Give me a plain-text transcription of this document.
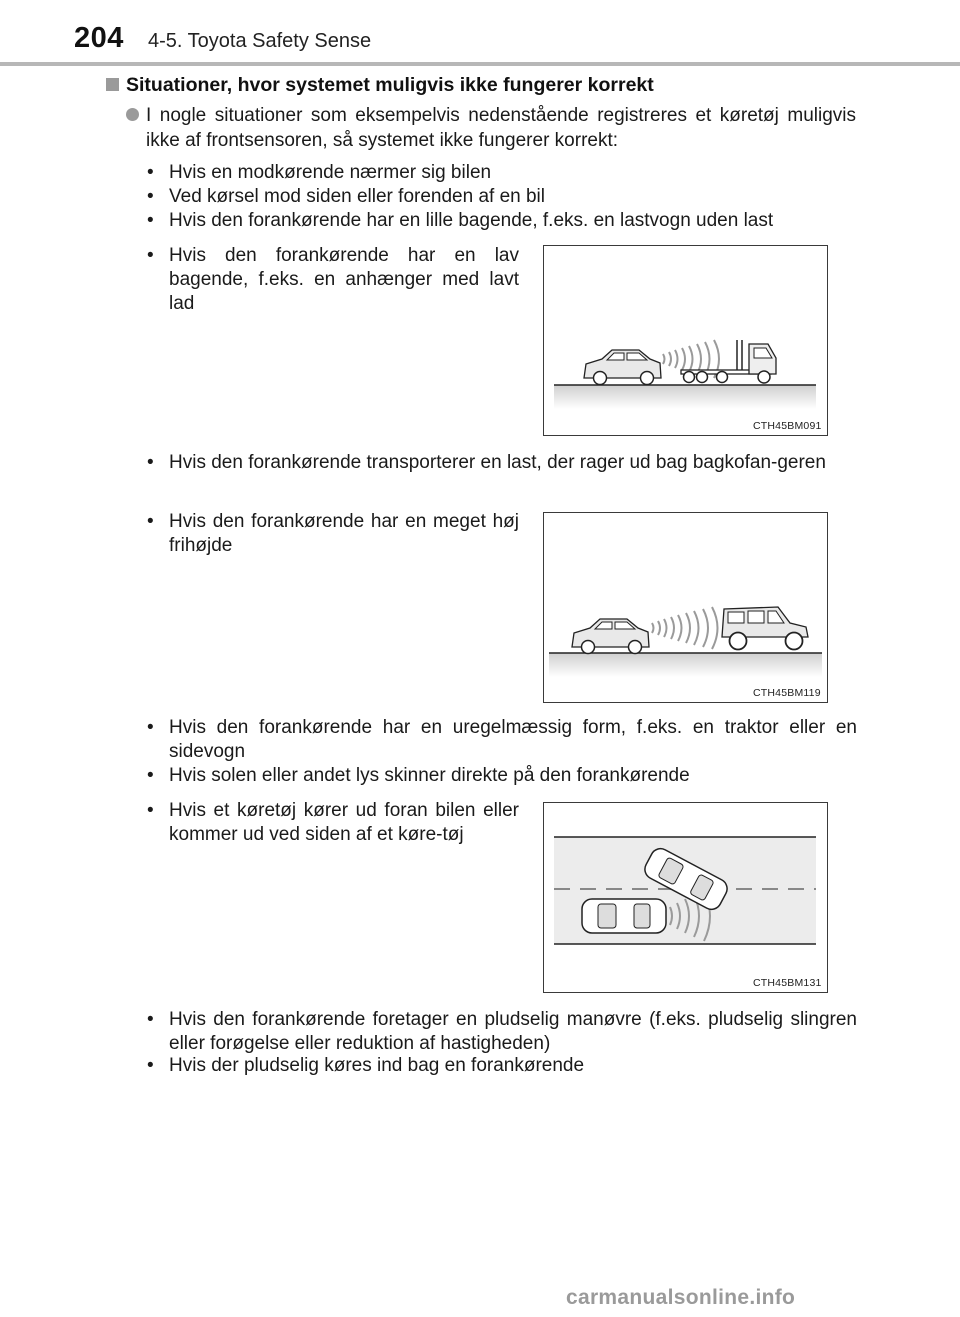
204 4-5. Toyota Safety Sense
Situationer, hvor systemet muligvis ikke fungerer korrekt
I nogle situationer som eksempelvis nedenstående registreres et køretøj muligvis ikke af frontsensoren, så systemet ikke fungerer korrekt:
• Hvis en modkørende nærmer sig bilen
• Ved kørsel mod siden eller forenden af en bil
• Hvis den forankørende har en lille bagende, f.eks. en lastvogn uden last
• Hvis den forankørende har en lav bagende, f.eks. en anhænger med lavt lad
CTH45BM091
• Hvis den forankørende transporterer en last, der rager ud bag bagkofan-geren
• Hvis den forankørende har en meget høj frihøjde
CTH45BM119
• Hvis den forankørende har en uregelmæssig form, f.eks. en traktor eller en sidevogn
• Hvis solen eller andet lys skinner direkte på den forankørende
• Hvis et køretøj kører ud foran bilen eller kommer ud ved siden af et køre-tøj
CTH45BM131
• Hvis den forankørende foretager en pludselig manøvre (f.eks. pludselig slingren eller forøgelse eller reduktion af hastigheden)
• Hvis der pludselig køres ind bag en forankørende
carmanualsonline.info
